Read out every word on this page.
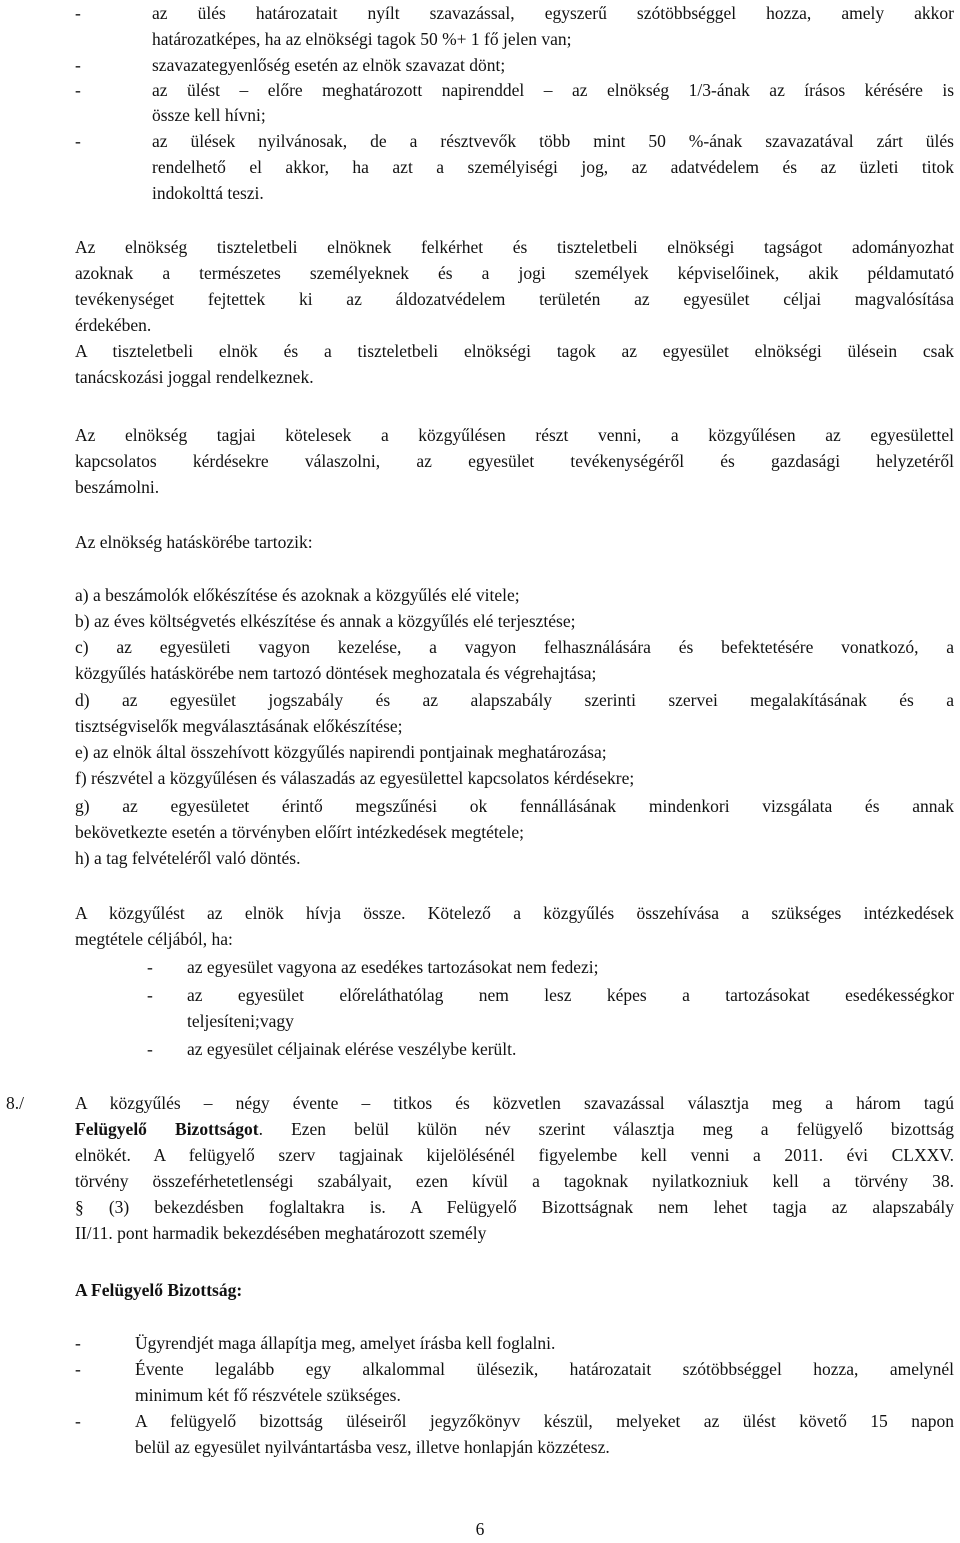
-	az ülés határozatait nyílt szavazással, egyszerű szótöbbséggel hozza, amely akkor
határozatképes, ha az elnökségi tagok 50 %+ 1 fő jelen van;
-	szavazategyenlőség esetén az elnök szavazat dönt;
-	az ülést – előre meghatározott napirenddel – az elnökség 1/3-ának az írásos kérésére is
össze kell hívni;
-	az ülések nyilvánosak, de a résztvevők több mint 50 %-ának szavazatával zárt ülés
rendelhető el akkor, ha azt a személyiségi jog, az adatvédelem és az üzleti titok
indokolttá teszi.
Az elnökség tiszteletbeli elnöknek felkérhet és tiszteletbeli elnökségi tagságot adományozhat
azoknak a természetes személyeknek és a jogi személyek képviselőinek, akik példamutató
tevékenységet fejtettek ki az áldozatvédelem területén az egyesület céljai magvalósítása
érdekében.
A tiszteletbeli elnök és a tiszteletbeli elnökségi tagok az egyesület elnökségi ülésein csak
tanácskozási joggal rendelkeznek.
Az elnökség tagjai kötelesek a közgyűlésen részt venni, a közgyűlésen az egyesülettel
kapcsolatos kérdésekre válaszolni, az egyesület tevékenységéről és gazdasági helyzetéről
beszámolni.
Az elnökség hatáskörébe tartozik:
a) a beszámolók előkészítése és azoknak a közgyűlés elé vitele;
b) az éves költségvetés elkészítése és annak a közgyűlés elé terjesztése;
c) az egyesületi vagyon kezelése, a vagyon felhasználására és befektetésére vonatkozó, a
közgyűlés hatáskörébe nem tartozó döntések meghozatala és végrehajtása;
d) az egyesület jogszabály és az alapszabály szerinti szervei megalakításának és a
tisztségviselők megválasztásának előkészítése;
e) az elnök által összehívott közgyűlés napirendi pontjainak meghatározása;
f) részvétel a közgyűlésen és válaszadás az egyesülettel kapcsolatos kérdésekre;
g) az egyesületet érintő megszűnési ok fennállásának mindenkori vizsgálata és annak
bekövetkezte esetén a törvényben előírt intézkedések megtétele;
h) a tag felvételéről való döntés.
A közgyűlést az elnök hívja össze. Kötelező a közgyűlés összehívása a szükséges intézkedések
megtétele céljából, ha:
- az egyesület vagyona az esedékes tartozásokat nem fedezi;
- az egyesület előreláthatólag nem lesz képes a tartozásokat esedékességkor
teljesíteni;vagy
- az egyesület céljainak elérése veszélybe került.
8./	A közgyűlés – négy évente – titkos és közvetlen szavazással választja meg a három tagú
Felügyelő Bizottságot. Ezen belül külön név szerint választja meg a felügyelő bizottság
elnökét. A felügyelő szerv tagjainak kijelölésénél figyelembe kell venni a 2011. évi CLXXV.
törvény összeférhetetlenségi szabályait, ezen kívül a tagoknak nyilatkozniuk kell a törvény 38.
§ (3) bekezdésben foglaltakra is. A Felügyelő Bizottságnak nem lehet tagja az alapszabály
II/11. pont harmadik bekezdésében meghatározott személy
A Felügyelő Bizottság:
-	Ügyrendjét maga állapítja meg, amelyet írásba kell foglalni.
-	Évente legalább egy alkalommal ülésezik, határozatait szótöbbséggel hozza, amelynél
minimum két fő részvétele szükséges.
-	A felügyelő bizottság üléseiről jegyzőkönyv készül, melyeket az ülést követő 15 napon
belül az egyesület nyilvántartásba vesz, illetve honlapján közzétesz.
6
